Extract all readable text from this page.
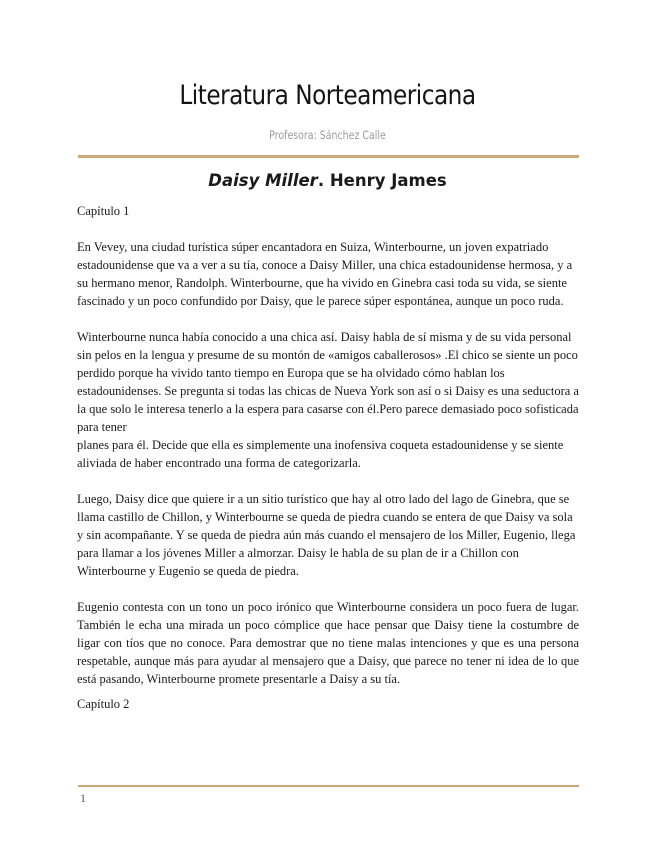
Literatura Norteamericana
Profesora: Sánchez Calle
Daisy Miller. Henry James

Capítulo 1

En Vevey, una ciudad turística súper encantadora en Suiza, Winterbourne, un joven expatriado estadounidense que va a ver a su tía, conoce a Daisy Miller, una chica estadounidense hermosa, y a su hermano menor, Randolph. Winterbourne, que ha vivido en Ginebra casi toda su vida, se siente fascinado y un poco confundido por Daisy, que le parece súper espontánea, aunque un poco ruda.

Winterbourne nunca había conocido a una chica así. Daisy habla de sí misma y de su vida personal sin pelos en la lengua y presume de su montón de «amigos caballerosos» .El chico se siente un poco perdido porque ha vivido tanto tiempo en Europa que se ha olvidado cómo hablan los estadounidenses. Se pregunta si todas las chicas de Nueva York son así o si Daisy es una seductora a la que solo le interesa tenerlo a la espera para casarse con él.Pero parece demasiado poco sofisticada para tener

planes para él. Decide que ella es simplemente una inofensiva coqueta estadounidense y se siente aliviada de haber encontrado una forma de categorizarla.

Luego, Daisy dice que quiere ir a un sitio turístico que hay al otro lado del lago de Ginebra, que se llama castillo de Chillon, y Winterbourne se queda de piedra cuando se entera de que Daisy va sola y sin acompañante. Y se queda de piedra aún más cuando el mensajero de los Miller, Eugenio, llega para llamar a los jóvenes Miller a almorzar. Daisy le habla de su plan de ir a Chillon con Winterbourne y Eugenio se queda de piedra.

Eugenio contesta con un tono un poco irónico que Winterbourne considera un poco fuera de lugar. También le echa una mirada un poco cómplice que hace pensar que Daisy tiene la costumbre de ligar con tíos que no conoce. Para demostrar que no tiene malas intenciones y que es una persona respetable, aunque más para ayudar al mensajero que a Daisy, que parece no tener ni idea de lo que está pasando, Winterbourne promete presentarle a Daisy a su tía.

Capítulo 2
1
